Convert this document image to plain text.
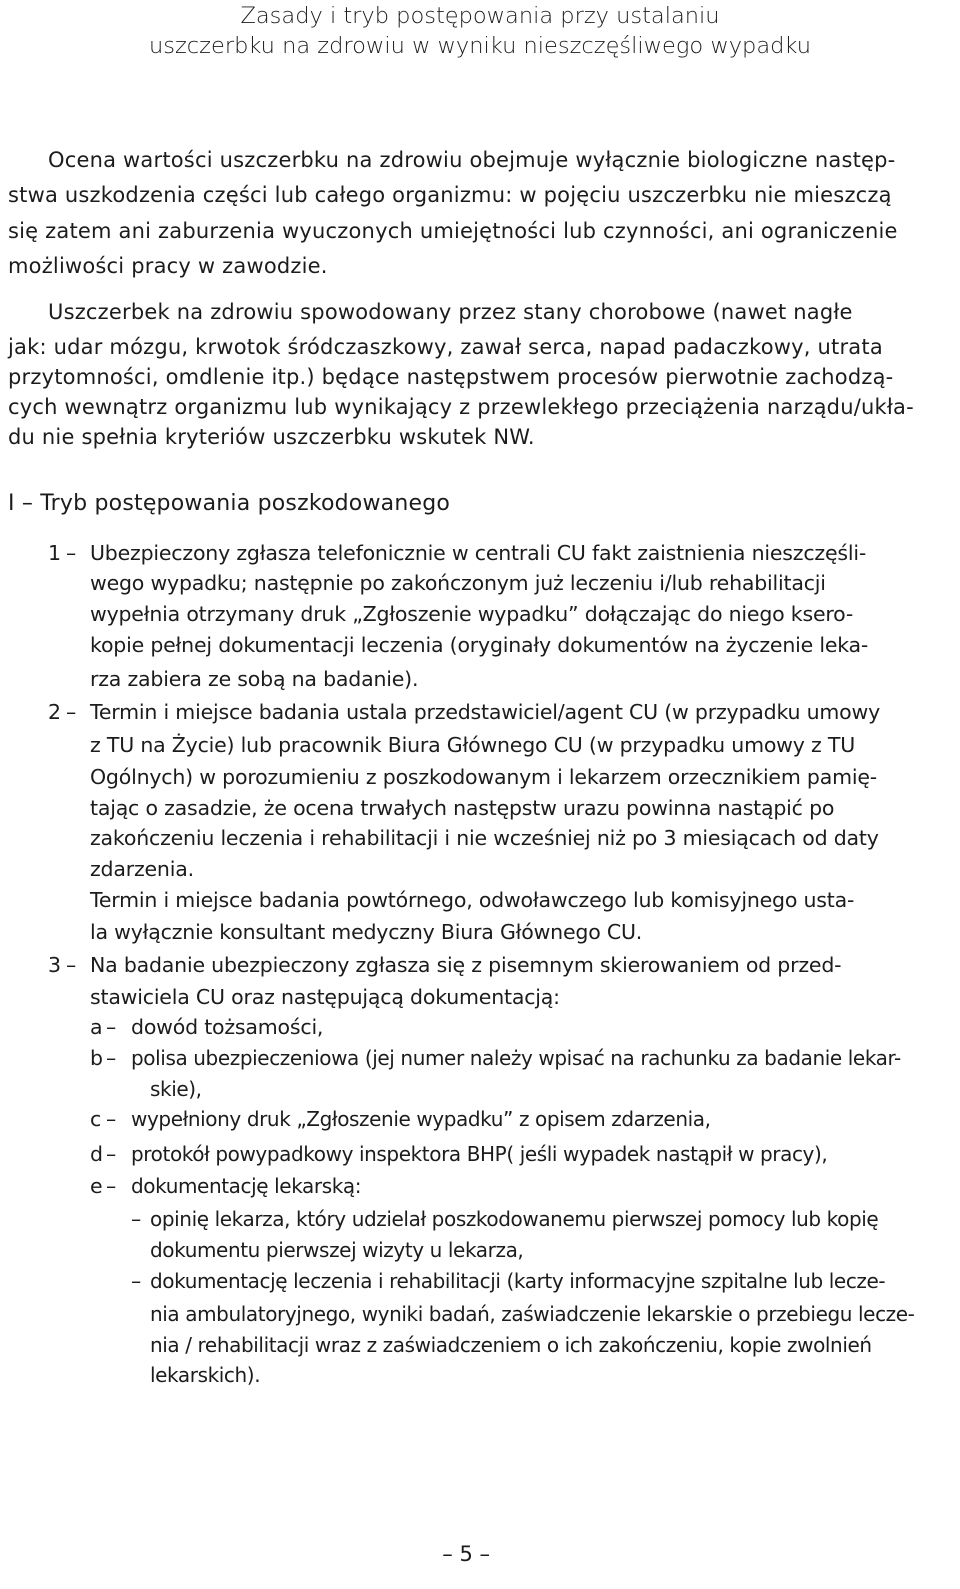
Zasady i tryb postępowania przy ustalaniu
uszczerbku na zdrowiu w wyniku nieszczęśliwego wypadku
Ocena wartości uszczerbku na zdrowiu obejmuje wyłącznie biologiczne następ-
stwa uszkodzenia części lub całego organizmu: w pojęciu uszczerbku nie mieszczą
się zatem ani zaburzenia wyuczonych umiejętności lub czynności, ani ograniczenie
możliwości pracy w zawodzie.
Uszczerbek na zdrowiu spowodowany przez stany chorobowe (nawet nagłe
jak: udar mózgu, krwotok śródczaszkowy, zawał serca, napad padaczkowy, utrata
przytomności, omdlenie itp.) będące następstwem procesów pierwotnie zachodzą-
cych wewnątrz organizmu lub wynikający z przewlekłego przeciążenia narządu/ukła-
du nie spełnia kryteriów uszczerbku wskutek NW.
I – Tryb postępowania poszkodowanego
1 – Ubezpieczony zgłasza telefonicznie w centrali CU fakt zaistnienia nieszczęśli-
wego wypadku; następnie po zakończonym już leczeniu i/lub rehabilitacji
wypełnia otrzymany druk „Zgłoszenie wypadku” dołączając do niego ksero-
kopie pełnej dokumentacji leczenia (oryginały dokumentów na życzenie leka-
rza zabiera ze sobą na badanie).
2 – Termin i miejsce badania ustala przedstawiciel/agent CU (w przypadku umowy
z TU na Życie) lub pracownik Biura Głównego CU (w przypadku umowy z TU
Ogólnych) w porozumieniu z poszkodowanym i lekarzem orzecznikiem pamię-
tając o zasadzie, że ocena trwałych następstw urazu powinna nastąpić po
zakończeniu leczenia i rehabilitacji i nie wcześniej niż po 3 miesiącach od daty
zdarzenia.
Termin i miejsce badania powtórnego, odwoławczego lub komisyjnego usta-
la wyłącznie konsultant medyczny Biura Głównego CU.
3 – Na badanie ubezpieczony zgłasza się z pisemnym skierowaniem od przed-
stawiciela CU oraz następującą dokumentacją:
a – dowód tożsamości,
b – polisa ubezpieczeniowa (jej numer należy wpisać na rachunku za badanie lekar-
skie),
c – wypełniony druk „Zgłoszenie wypadku” z opisem zdarzenia,
d – protokół powypadkowy inspektora BHP( jeśli wypadek nastąpił w pracy),
e – dokumentację lekarską:
– opinię lekarza, który udzielał poszkodowanemu pierwszej pomocy lub kopię
dokumentu pierwszej wizyty u lekarza,
– dokumentację leczenia i rehabilitacji (karty informacyjne szpitalne lub lecze-
nia ambulatoryjnego, wyniki badań, zaświadczenie lekarskie o przebiegu lecze-
nia / rehabilitacji wraz z zaświadczeniem o ich zakończeniu, kopie zwolnień
lekarskich).
– 5 –
